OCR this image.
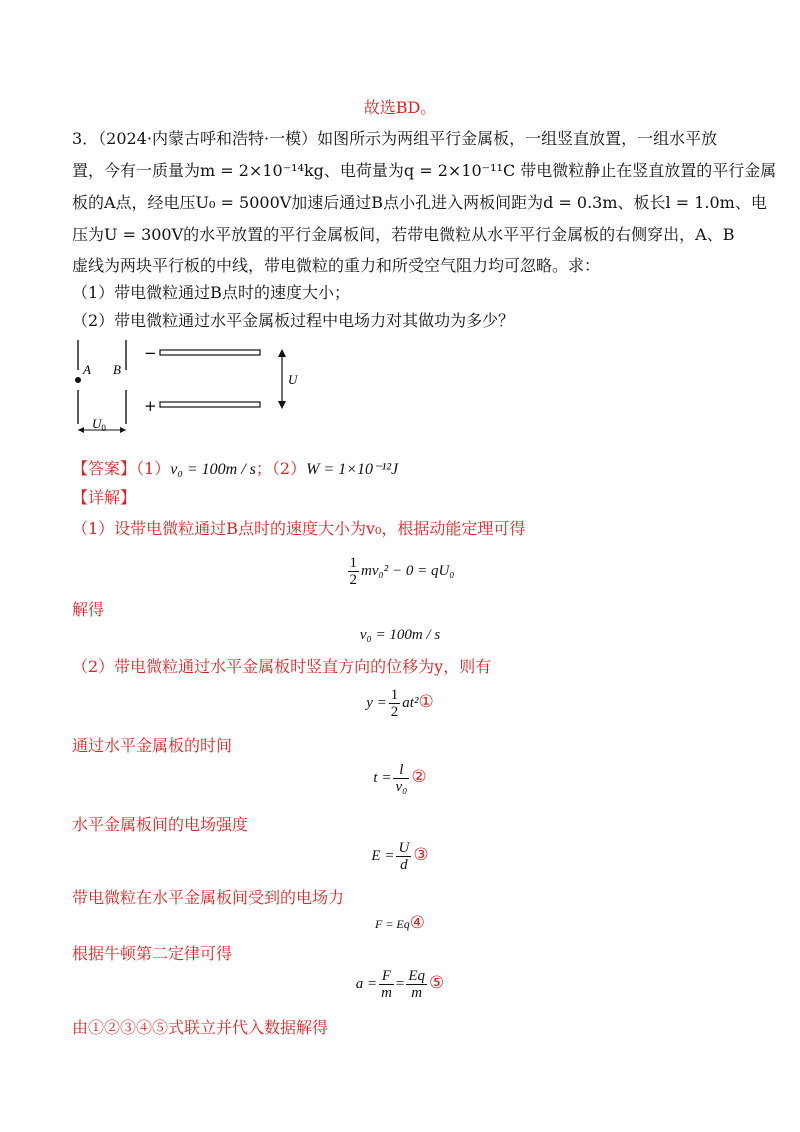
故选BD。
3．（2024·内蒙古呼和浩特·一模）如图所示为两组平行金属板，一组竖直放置，一组水平放
置，今有一质量为m = 2×10⁻¹⁴kg、电荷量为q = 2×10⁻¹¹C 带电微粒静止在竖直放置的平行金属
板的A点，经电压U₀ = 5000V加速后通过B点小孔进入两板间距为d = 0.3m、板长l = 1.0m、电
压为U = 300V的水平放置的平行金属板间，若带电微粒从水平平行金属板的右侧穿出，A、B
虚线为两块平行板的中线，带电微粒的重力和所受空气阻力均可忽略。求：
（1）带电微粒通过B点时的速度大小；
（2）带电微粒通过水平金属板过程中电场力对其做功为多少？
A B
−
+
U
$U_0$
【答案】（1）v₀ = 100m / s；（2）W = 1×10⁻¹²J
【详解】
（1）设带电微粒通过B点时的速度大小为v₀，根据动能定理可得
$\frac{1}{2} mv_0^2 - 0 = qU_0$
解得
v₀ = 100m / s
（2）带电微粒通过水平金属板时竖直方向的位移为y，则有
$y = \frac{1}{2}$ at²①
通过水平金属板的时间
$t = \frac{l}{\text{v₀}}$ ②
水平金属板间的电场强度
$E = \frac{U}{d}$ ③
带电微粒在水平金属板间受到的电场力
F = Eq④
根据牛顿第二定律可得
$a = \frac{F}{m} = \frac{Eq}{m}$ ⑤
由①②③④⑤式联立并代入数据解得
